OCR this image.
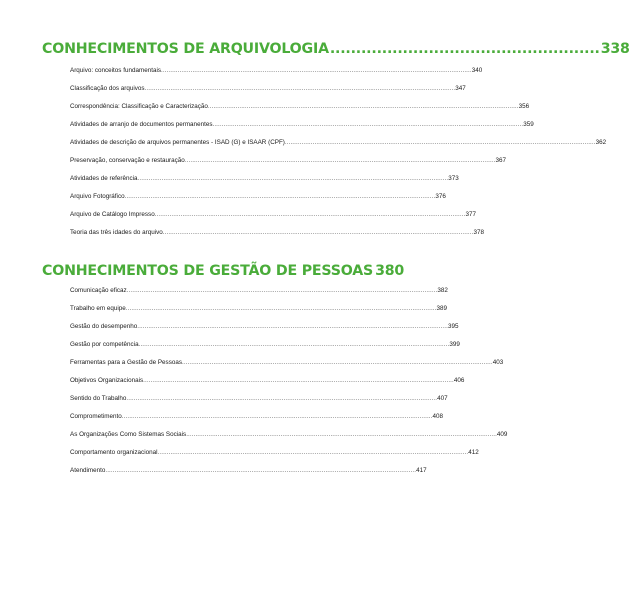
CONHECIMENTOS DE ARQUIVOLOGIA .................................................... 338
Arquivo: conceitos fundamentais ........................................................................................................................................................................ 340
Classificação dos arquivos ........................................................................................................................................................................ 347
Correspondência: Classificação e Caracterização ........................................................................................................................................................................ 356
Atividades de arranjo de documentos permanentes ........................................................................................................................................................................ 359
Atividades de descrição de arquivos permanentes - ISAD (G) e ISAAR (CPF) ........................................................................................................................................................................ 362
Preservação, conservação e restauração ........................................................................................................................................................................ 367
Atividades de referência ........................................................................................................................................................................ 373
Arquivo Fotográfico ........................................................................................................................................................................ 376
Arquivo de Catálogo Impresso ........................................................................................................................................................................ 377
Teoria das três idades do arquivo ........................................................................................................................................................................ 378
CONHECIMENTOS DE GESTÃO DE PESSOAS 380
Comunicação eficaz ........................................................................................................................................................................ 382
Trabalho em equipe ........................................................................................................................................................................ 389
Gestão do desempenho ........................................................................................................................................................................ 395
Gestão por competência ........................................................................................................................................................................ 399
Ferramentas para a Gestão de Pessoas ........................................................................................................................................................................ 403
Objetivos Organizacionais ........................................................................................................................................................................ 406
Sentido do Trabalho ........................................................................................................................................................................ 407
Comprometimento ........................................................................................................................................................................ 408
As Organizações Como Sistemas Sociais ........................................................................................................................................................................ 409
Comportamento organizacional ........................................................................................................................................................................ 412
Atendimento ........................................................................................................................................................................ 417
